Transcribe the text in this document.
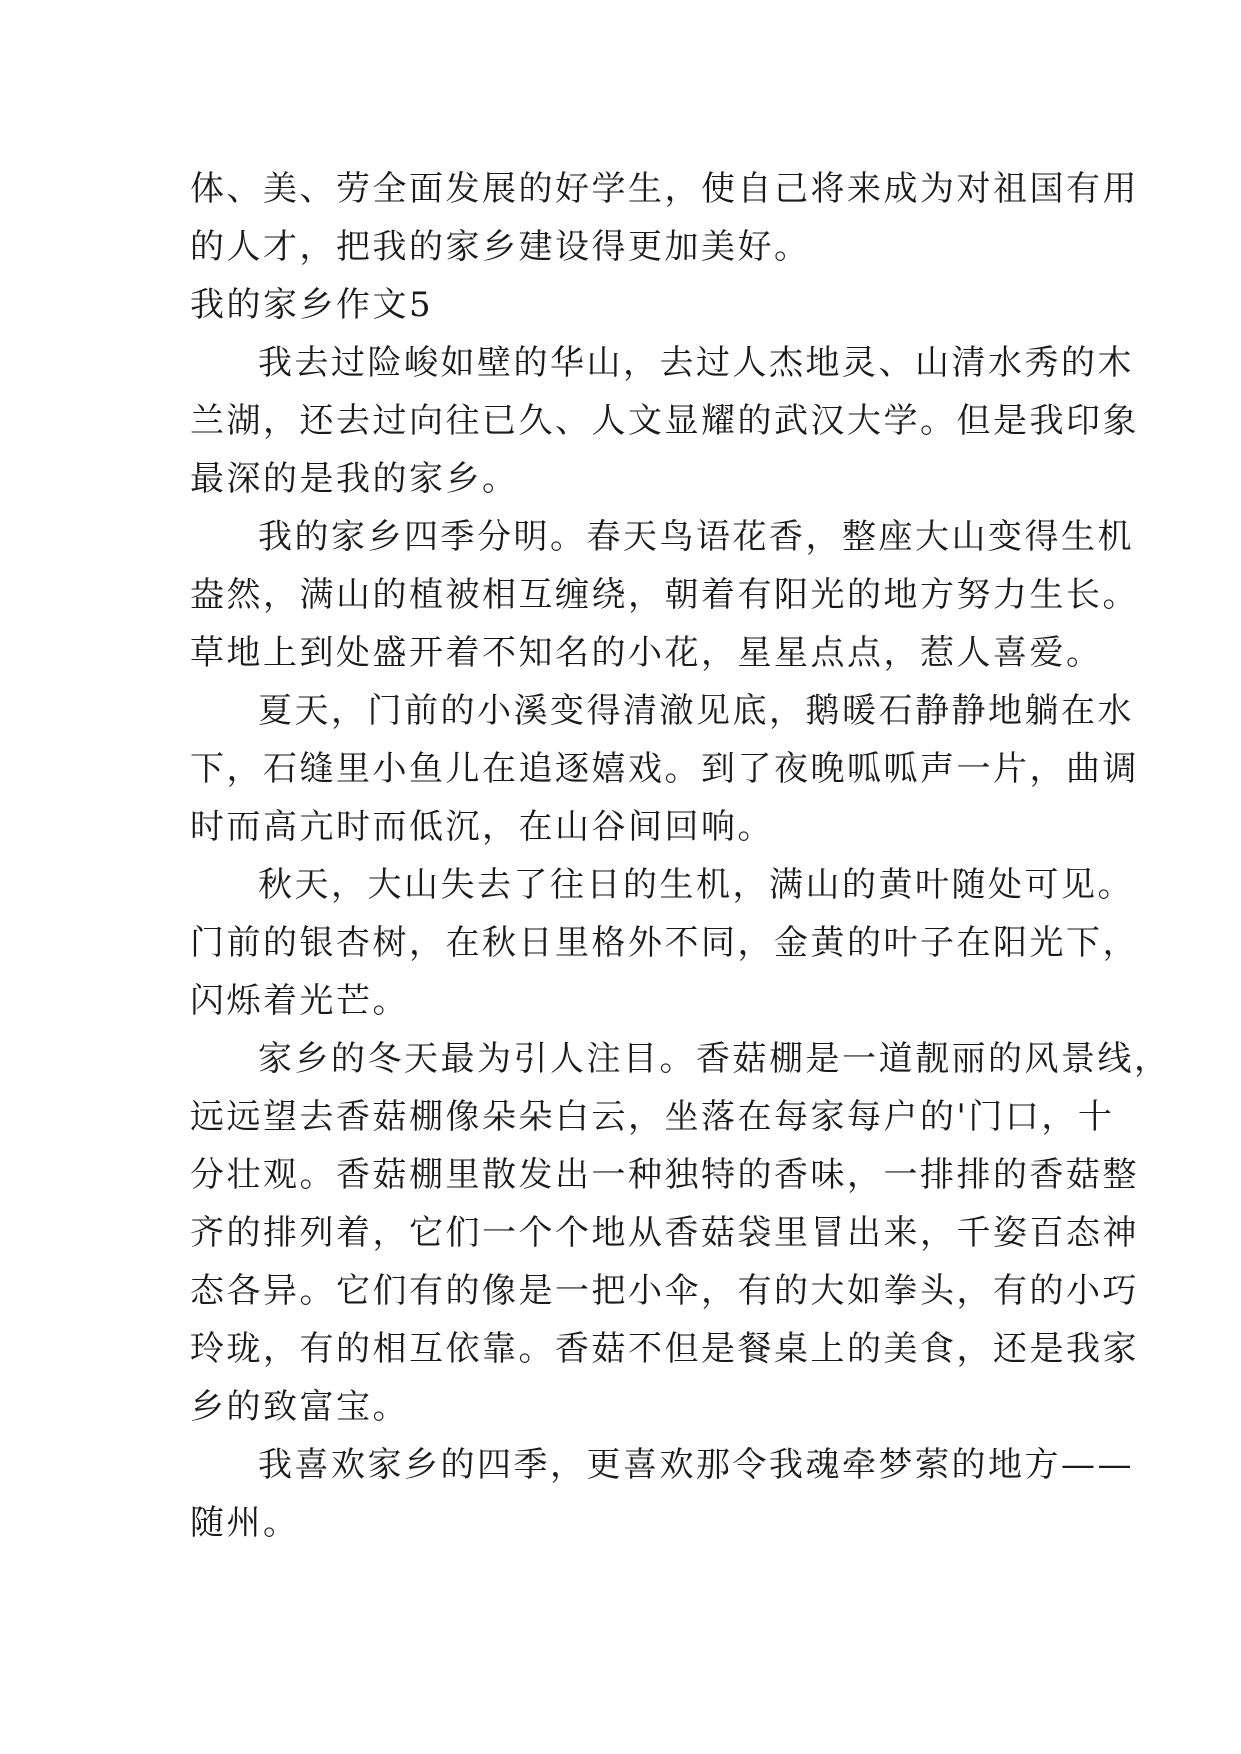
体、美、劳全面发展的好学生，使自己将来成为对祖国有用
的人才，把我的家乡建设得更加美好。
我的家乡作文5
我去过险峻如壁的华山，去过人杰地灵、山清水秀的木
兰湖，还去过向往已久、人文显耀的武汉大学。但是我印象
最深的是我的家乡。
我的家乡四季分明。春天鸟语花香，整座大山变得生机
盎然，满山的植被相互缠绕，朝着有阳光的地方努力生长。
草地上到处盛开着不知名的小花，星星点点，惹人喜爱。
夏天，门前的小溪变得清澈见底，鹅暖石静静地躺在水
下，石缝里小鱼儿在追逐嬉戏。到了夜晚呱呱声一片，曲调
时而高亢时而低沉，在山谷间回响。
秋天，大山失去了往日的生机，满山的黄叶随处可见。
门前的银杏树，在秋日里格外不同，金黄的叶子在阳光下，
闪烁着光芒。
家乡的冬天最为引人注目。香菇棚是一道靓丽的风景线，
远远望去香菇棚像朵朵白云，坐落在每家每户的'门口，十
分壮观。香菇棚里散发出一种独特的香味，一排排的香菇整
齐的排列着，它们一个个地从香菇袋里冒出来，千姿百态神
态各异。它们有的像是一把小伞，有的大如拳头，有的小巧
玲珑，有的相互依靠。香菇不但是餐桌上的美食，还是我家
乡的致富宝。
我喜欢家乡的四季，更喜欢那令我魂牵梦萦的地方——
随州。
